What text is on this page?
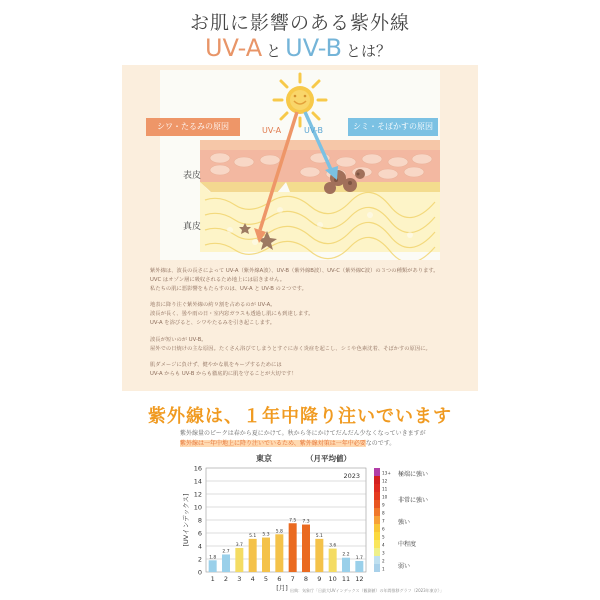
お肌に影響のある紫外線
UV-A と UV-B とは？
シワ・たるみの原因	シミ・そばかすの原因
UV-A	UV-B
表皮
真皮

紫外線は、波長の長さによって UV-A（紫外線A波）、UV-B（紫外線B波）、UV-C（紫外線C波）の３つの種類があります。
UVC はオゾン層に吸収されるため地上には届きません。
私たちの肌に悪影響をもたらすのは、UV-A と UV-B の２つです。

地表に降り注ぐ紫外線の約９割を占めるのが UV-A。
波長が長く、曇や雨の日・室内窓ガラスも透過し肌にも到達します。
UV-A を浴びると、シワやたるみを引き起こします。

波長が短いのが UV-B。
屋外での日焼けの主な原因。たくさん浴びてしまうとすぐに赤く炎症を起こし、シミや色素沈着、そばかすの原因に。

肌ダメージに負けず、健やかな肌をキープするためには
UV-A からも UV-B からも徹底的に肌を守ることが大切です！

紫外線は、１年中降り注いでいます
紫外線量のピークは春から夏にかけて。秋から冬にかけてだんだん少なくなっていきますが
紫外線は一年中地上に降り注いでいるため、紫外線対策は一年中必要なのです。
東京	（月平均値）
0
2
4
6
8
10
12
14
16
2023
[UVインデックス]
1.8
1
2.7
2
3.7
3
5.1
4
5.3
5
5.8
6
7.5
7
7.3
8
5.1
9
3.6
10
2.2
11
1.7
12
[月]
13+
12
11
10
9
8
7
6
5
4
3
2
1
極端に強い
非常に強い
強い
中程度
弱い
出典：気象庁「日最大UVインデックス（観測値）の年間推移グラフ（2023年東京）」
